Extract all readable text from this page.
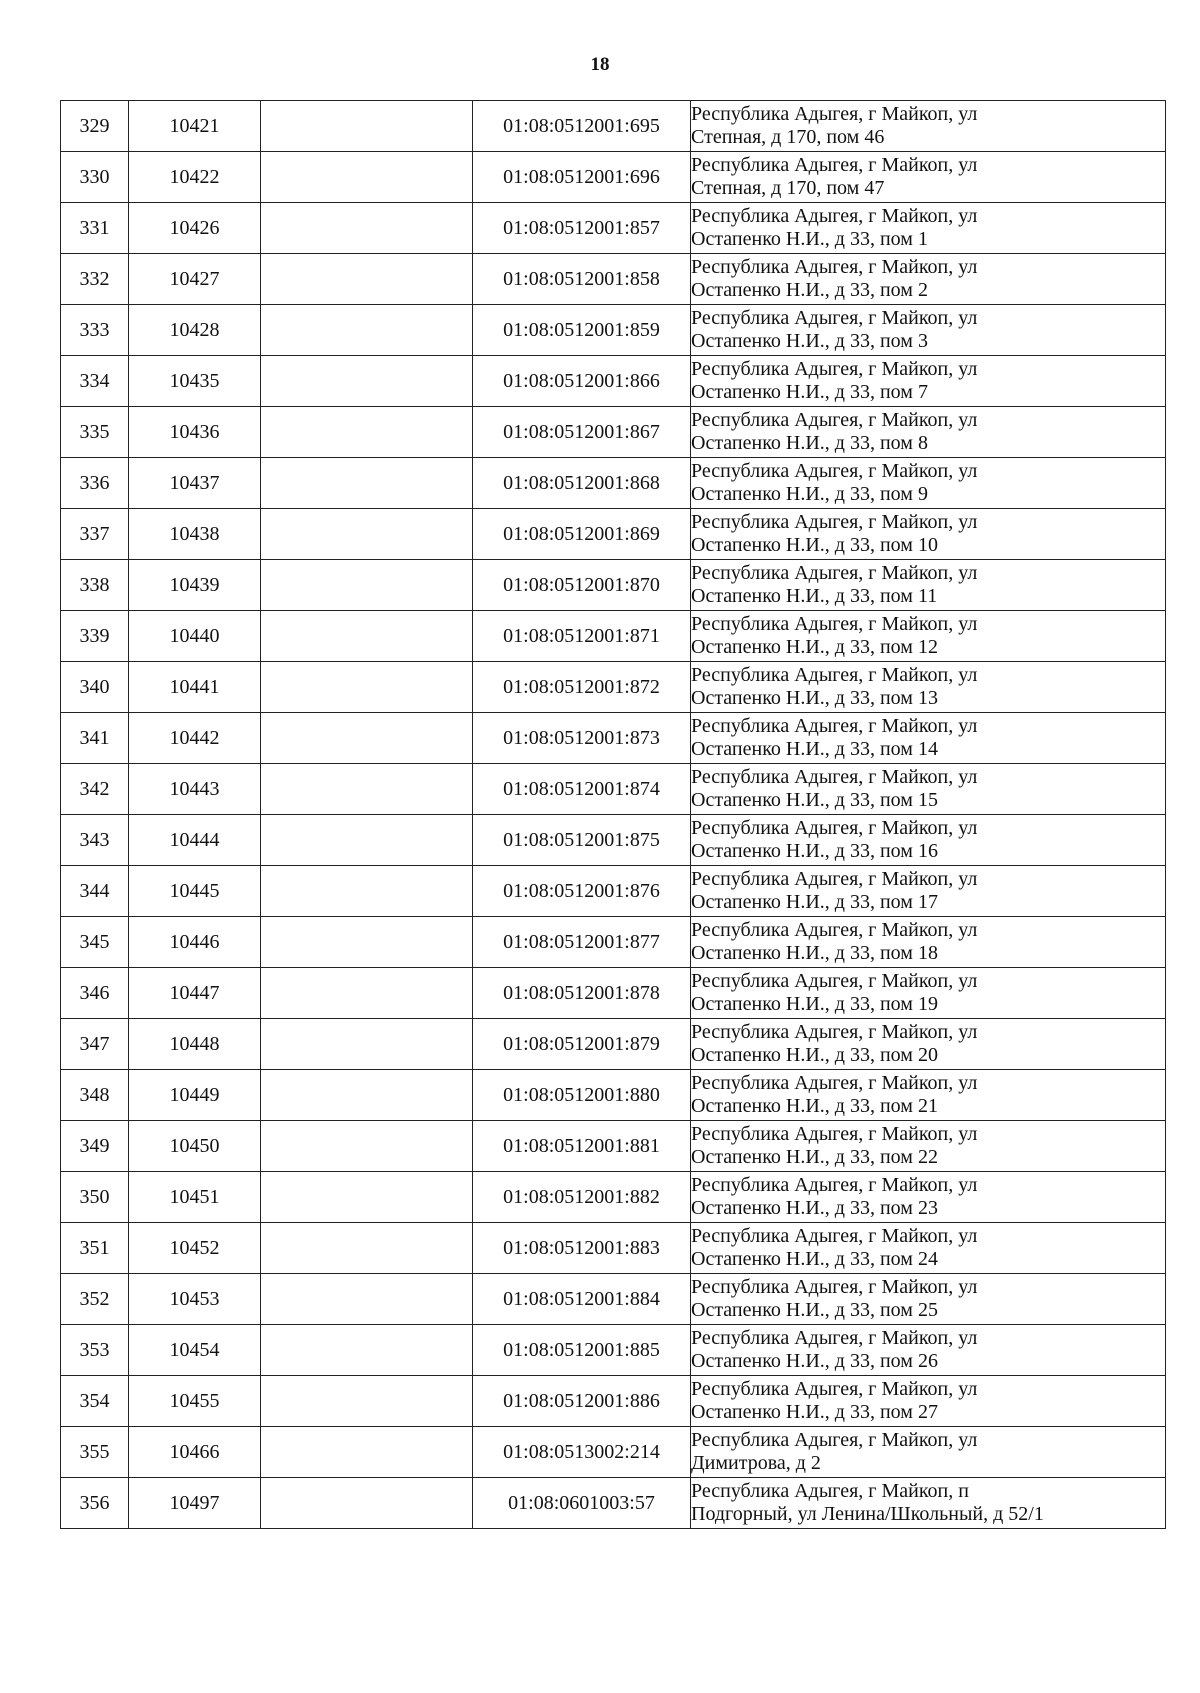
18
329	10421		01:08:0512001:695	Республика Адыгея, г Майкоп, ул
Степная, д 170, пом 46

330	10422		01:08:0512001:696	Республика Адыгея, г Майкоп, ул
Степная, д 170, пом 47

331	10426		01:08:0512001:857	Республика Адыгея, г Майкоп, ул
Остапенко Н.И., д 33, пом 1

332	10427		01:08:0512001:858	Республика Адыгея, г Майкоп, ул
Остапенко Н.И., д 33, пом 2

333	10428		01:08:0512001:859	Республика Адыгея, г Майкоп, ул
Остапенко Н.И., д 33, пом 3

334	10435		01:08:0512001:866	Республика Адыгея, г Майкоп, ул
Остапенко Н.И., д 33, пом 7

335	10436		01:08:0512001:867	Республика Адыгея, г Майкоп, ул
Остапенко Н.И., д 33, пом 8

336	10437		01:08:0512001:868	Республика Адыгея, г Майкоп, ул
Остапенко Н.И., д 33, пом 9

337	10438		01:08:0512001:869	Республика Адыгея, г Майкоп, ул
Остапенко Н.И., д 33, пом 10

338	10439		01:08:0512001:870	Республика Адыгея, г Майкоп, ул
Остапенко Н.И., д 33, пом 11

339	10440		01:08:0512001:871	Республика Адыгея, г Майкоп, ул
Остапенко Н.И., д 33, пом 12

340	10441		01:08:0512001:872	Республика Адыгея, г Майкоп, ул
Остапенко Н.И., д 33, пом 13

341	10442		01:08:0512001:873	Республика Адыгея, г Майкоп, ул
Остапенко Н.И., д 33, пом 14

342	10443		01:08:0512001:874	Республика Адыгея, г Майкоп, ул
Остапенко Н.И., д 33, пом 15

343	10444		01:08:0512001:875	Республика Адыгея, г Майкоп, ул
Остапенко Н.И., д 33, пом 16

344	10445		01:08:0512001:876	Республика Адыгея, г Майкоп, ул
Остапенко Н.И., д 33, пом 17

345	10446		01:08:0512001:877	Республика Адыгея, г Майкоп, ул
Остапенко Н.И., д 33, пом 18

346	10447		01:08:0512001:878	Республика Адыгея, г Майкоп, ул
Остапенко Н.И., д 33, пом 19

347	10448		01:08:0512001:879	Республика Адыгея, г Майкоп, ул
Остапенко Н.И., д 33, пом 20

348	10449		01:08:0512001:880	Республика Адыгея, г Майкоп, ул
Остапенко Н.И., д 33, пом 21

349	10450		01:08:0512001:881	Республика Адыгея, г Майкоп, ул
Остапенко Н.И., д 33, пом 22

350	10451		01:08:0512001:882	Республика Адыгея, г Майкоп, ул
Остапенко Н.И., д 33, пом 23

351	10452		01:08:0512001:883	Республика Адыгея, г Майкоп, ул
Остапенко Н.И., д 33, пом 24

352	10453		01:08:0512001:884	Республика Адыгея, г Майкоп, ул
Остапенко Н.И., д 33, пом 25

353	10454		01:08:0512001:885	Республика Адыгея, г Майкоп, ул
Остапенко Н.И., д 33, пом 26

354	10455		01:08:0512001:886	Республика Адыгея, г Майкоп, ул
Остапенко Н.И., д 33, пом 27

355	10466		01:08:0513002:214	Республика Адыгея, г Майкоп, ул
Димитрова, д 2

356	10497		01:08:0601003:57	Республика Адыгея, г Майкоп, п
Подгорный, ул Ленина/Школьный, д 52/1
